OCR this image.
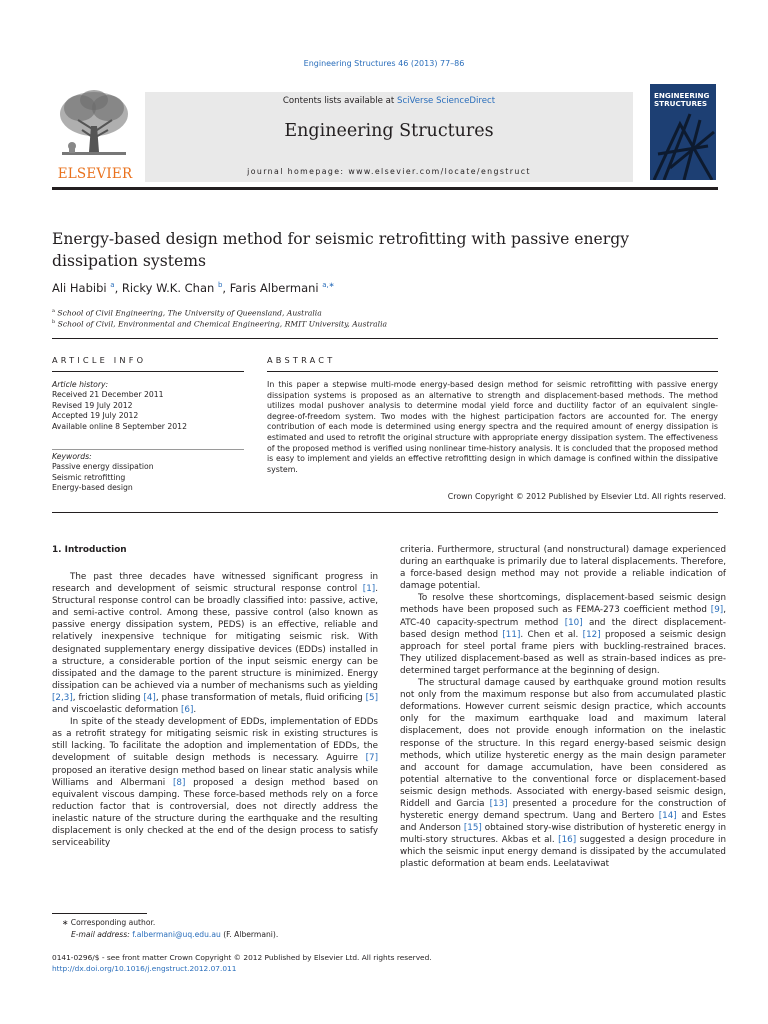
Engineering Structures 46 (2013) 77–86
ELSEVIER
Contents lists available at SciVerse ScienceDirect
Engineering Structures
journal homepage: www.elsevier.com/locate/engstruct
ENGINEERING STRUCTURES
Energy-based design method for seismic retrofitting with passive energy dissipation systems
Ali Habibi $^a$, Ricky W.K. Chan $^b$, Faris Albermani $^{a,∗}$
$^a$ School of Civil Engineering, The University of Queensland, Australia
$^b$ School of Civil, Environmental and Chemical Engineering, RMIT University, Australia
ARTICLE INFO	ABSTRACT
Article history:
Received 21 December 2011
Revised 19 July 2012
Accepted 19 July 2012
Available online 8 September 2012
Keywords:
Passive energy dissipation
Seismic retrofitting
Energy-based design
In this paper a stepwise multi-mode energy-based design method for seismic retrofitting with passive energy dissipation systems is proposed as an alternative to strength and displacement-based methods. The method utilizes modal pushover analysis to determine modal yield force and ductility factor of an equivalent single-degree-of-freedom system. Two modes with the highest participation factors are accounted for. The energy contribution of each mode is determined using energy spectra and the required amount of energy dissipation is estimated and used to retrofit the original structure with appropriate energy dissipation system. The effectiveness of the proposed method is verified using nonlinear time-history analysis. It is concluded that the proposed method is easy to implement and yields an effective retrofitting design in which damage is confined within the dissipative system.
Crown Copyright © 2012 Published by Elsevier Ltd. All rights reserved.
1. Introduction

The past three decades have witnessed significant progress in research and development of seismic structural response control [1]. Structural response control can be broadly classified into: passive, active, and semi-active control. Among these, passive control (also known as passive energy dissipation system, PEDS) is an effective, reliable and relatively inexpensive technique for mitigating seismic risk. With designated supplementary energy dissipative devices (EDDs) installed in a structure, a considerable portion of the input seismic energy can be dissipated and the damage to the parent structure is minimized. Energy dissipation can be achieved via a number of mechanisms such as yielding [2,3], friction sliding [4], phase transformation of metals, fluid orificing [5] and viscoelastic deformation [6].

In spite of the steady development of EDDs, implementation of EDDs as a retrofit strategy for mitigating seismic risk in existing structures is still lacking. To facilitate the adoption and implementation of EDDs, the development of suitable design methods is necessary. Aguirre [7] proposed an iterative design method based on linear static analysis while Williams and Albermani [8] proposed a design method based on equivalent viscous damping. These force-based methods rely on a force reduction factor that is controversial, does not directly address the inelastic nature of the structure during the earthquake and the resulting displacement is only checked at the end of the design process to satisfy serviceability

criteria. Furthermore, structural (and nonstructural) damage experienced during an earthquake is primarily due to lateral displacements. Therefore, a force-based design method may not provide a reliable indication of damage potential.

To resolve these shortcomings, displacement-based seismic design methods have been proposed such as FEMA-273 coefficient method [9], ATC-40 capacity-spectrum method [10] and the direct displacement-based design method [11]. Chen et al. [12] proposed a seismic design approach for steel portal frame piers with buckling-restrained braces. They utilized displacement-based as well as strain-based indices as pre-determined target performance at the beginning of design.

The structural damage caused by earthquake ground motion results not only from the maximum response but also from accumulated plastic deformations. However current seismic design practice, which accounts only for the maximum earthquake load and maximum lateral displacement, does not provide enough information on the inelastic response of the structure. In this regard energy-based seismic design methods, which utilize hysteretic energy as the main design parameter and account for damage accumulation, have been considered as potential alternative to the conventional force or displacement-based seismic design methods. Associated with energy-based seismic design, Riddell and Garcia [13] presented a procedure for the construction of hysteretic energy demand spectrum. Uang and Bertero [14] and Estes and Anderson [15] obtained story-wise distribution of hysteretic energy in multi-story structures. Akbas et al. [16] suggested a design procedure in which the seismic input energy demand is dissipated by the accumulated plastic deformation at beam ends. Leelataviwat

∗ Corresponding author.
E-mail address: f.albermani@uq.edu.au (F. Albermani).
0141-0296/$ - see front matter Crown Copyright © 2012 Published by Elsevier Ltd. All rights reserved.
http://dx.doi.org/10.1016/j.engstruct.2012.07.011
